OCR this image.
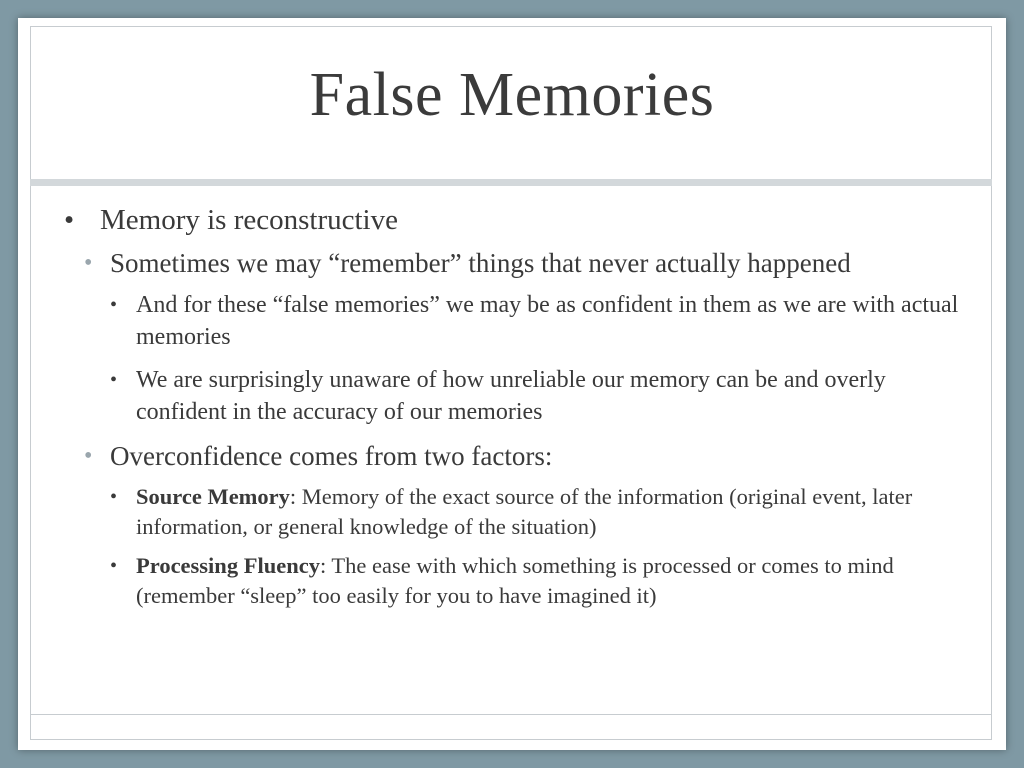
False Memories
• Memory is reconstructive
• Sometimes we may “remember” things that never actually happened
• And for these “false memories” we may be as confident in them as we are with actual memories
• We are surprisingly unaware of how unreliable our memory can be and overly confident in the accuracy of our memories
• Overconfidence comes from two factors:
• Source Memory: Memory of the exact source of the information (original event, later information, or general knowledge of the situation)
• Processing Fluency: The ease with which something is processed or comes to mind (remember “sleep” too easily for you to have imagined it)
